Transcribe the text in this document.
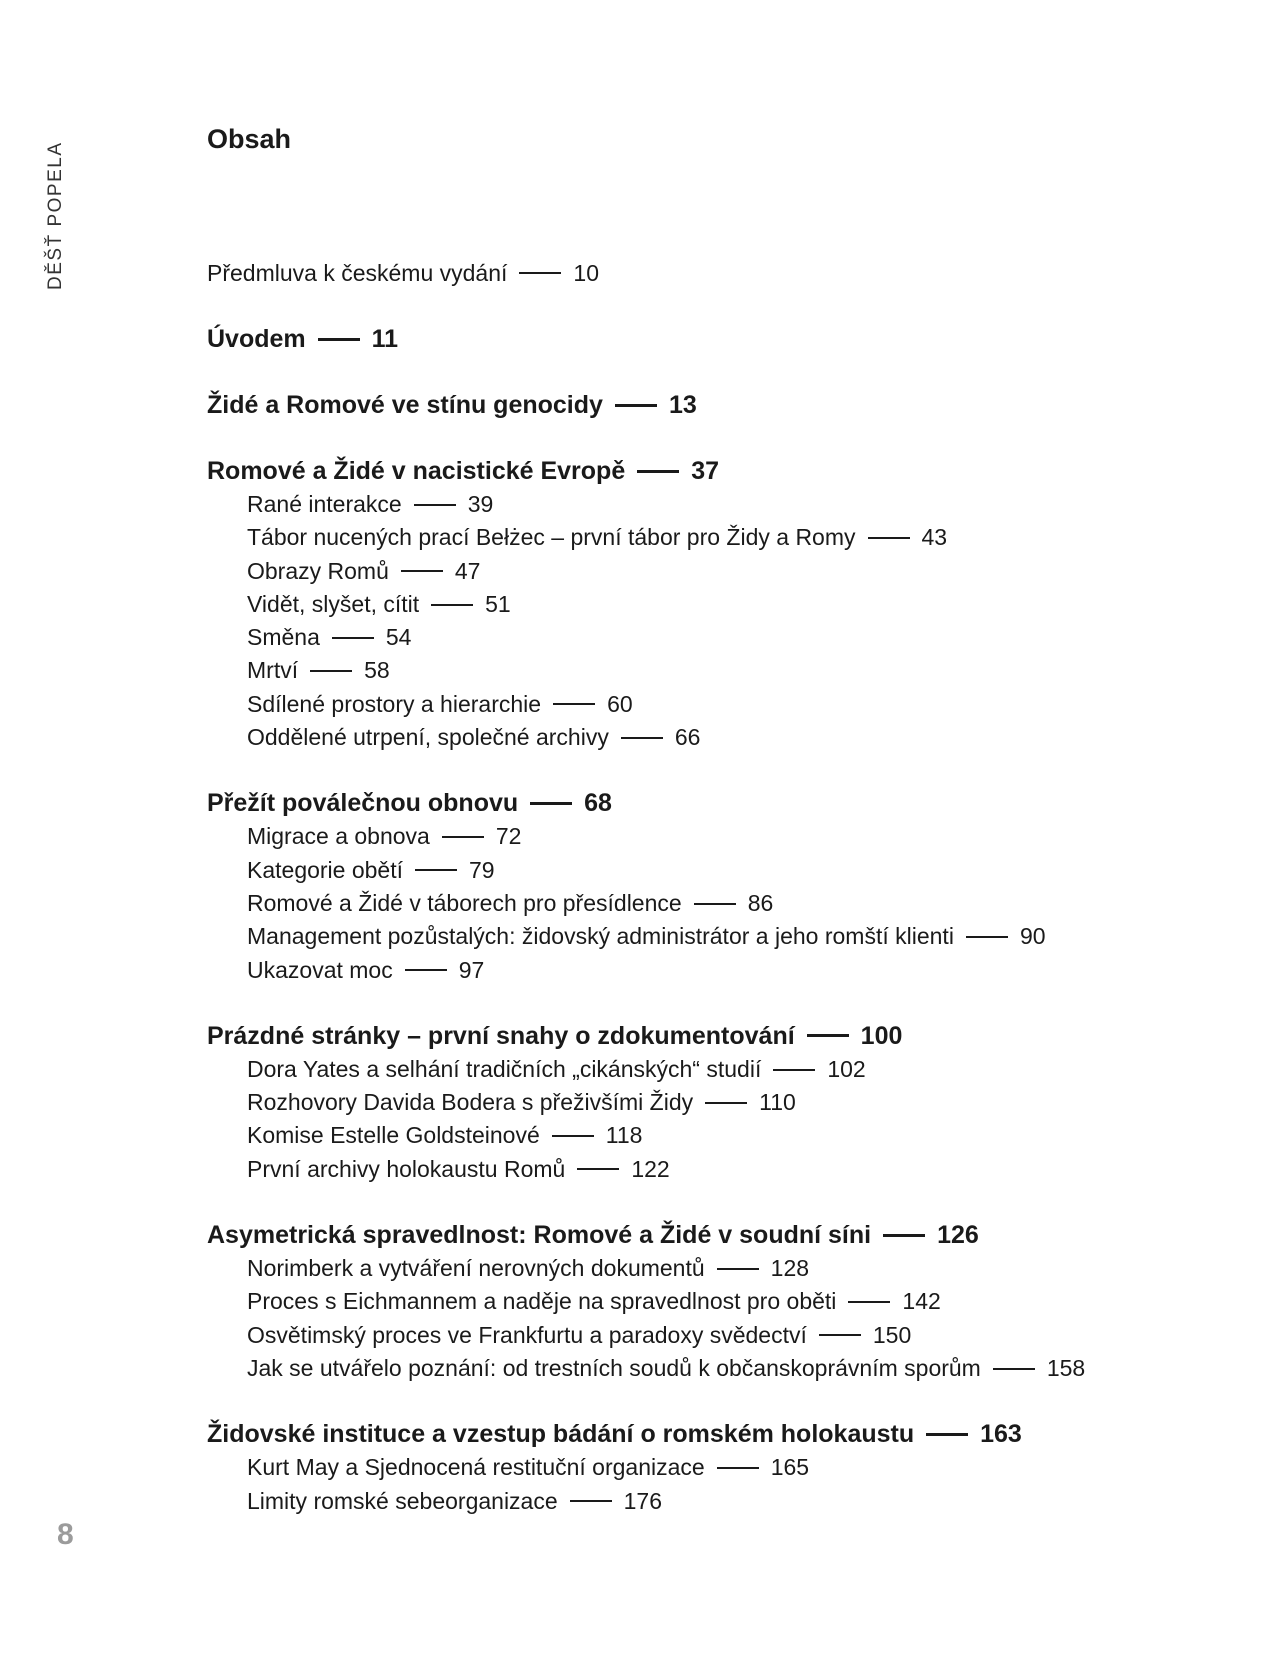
DĚŠŤ POPELA
Obsah
Předmluva k českému vydání	10
Úvodem	11
Židé a Romové ve stínu genocidy	13
Romové a Židé v nacistické Evropě	37
Rané interakce	39
Tábor nucených prací Bełżec – první tábor pro Židy a Romy	43
Obrazy Romů	47
Vidět, slyšet, cítit	51
Směna	54
Mrtví	58
Sdílené prostory a hierarchie	60
Oddělené utrpení, společné archivy	66
Přežít poválečnou obnovu	68
Migrace a obnova	72
Kategorie obětí	79
Romové a Židé v táborech pro přesídlence	86
Management pozůstalých: židovský administrátor a jeho romští klienti	90
Ukazovat moc	97
Prázdné stránky – první snahy o zdokumentování	100
Dora Yates a selhání tradičních „cikánských“ studií	102
Rozhovory Davida Bodera s přeživšími Židy	110
Komise Estelle Goldsteinové	118
První archivy holokaustu Romů	122
Asymetrická spravedlnost: Romové a Židé v soudní síni	126
Norimberk a vytváření nerovných dokumentů	128
Proces s Eichmannem a naděje na spravedlnost pro oběti	142
Osvětimský proces ve Frankfurtu a paradoxy svědectví	150
Jak se utvářelo poznání: od trestních soudů k občanskoprávním sporům	158
Židovské instituce a vzestup bádání o romském holokaustu	163
Kurt May a Sjednocená restituční organizace	165
Limity romské sebeorganizace	176
8
